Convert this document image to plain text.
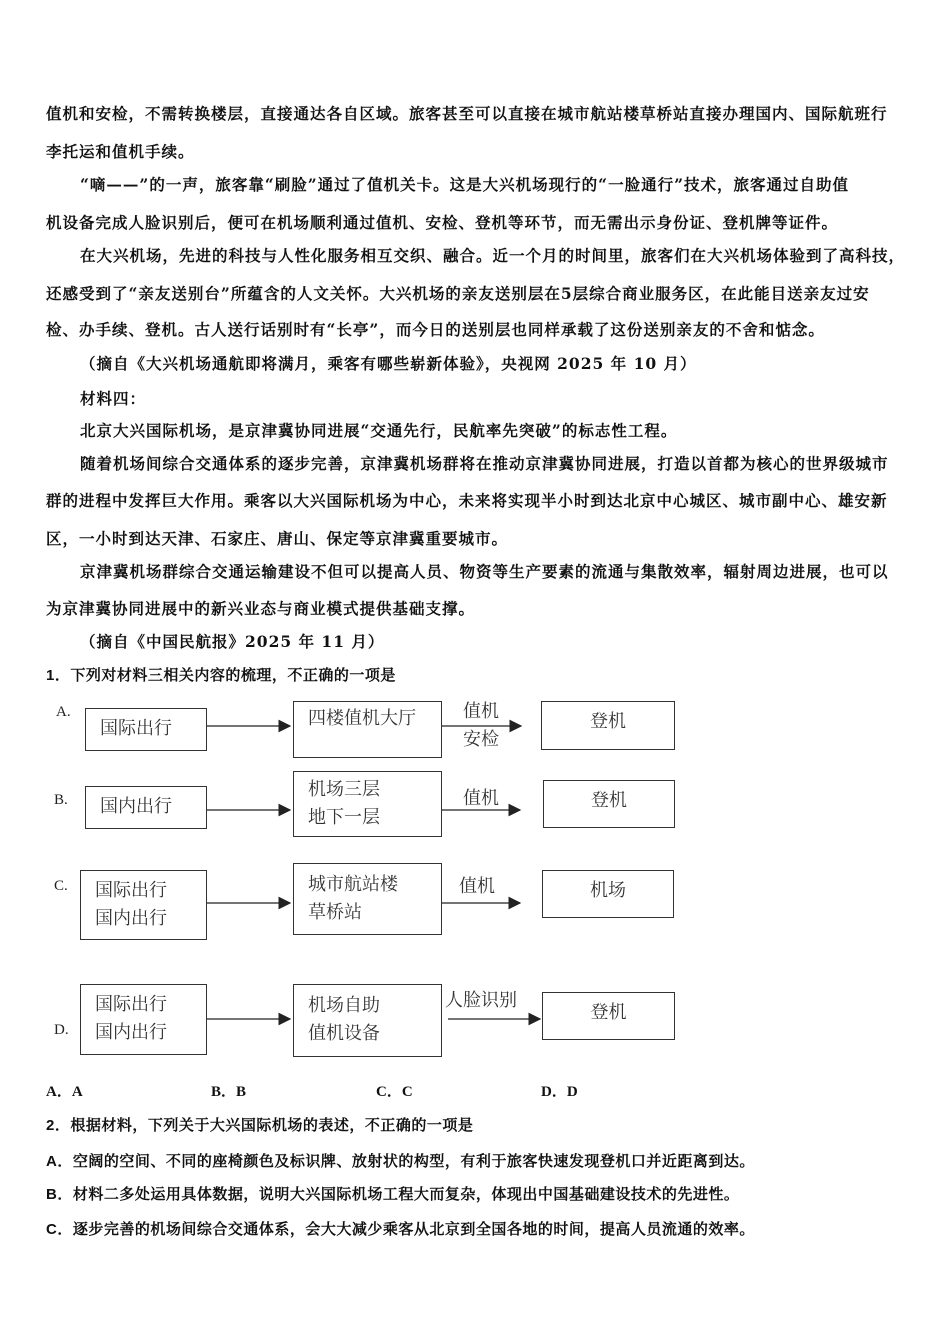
值机和安检，不需转换楼层，直接通达各自区域。旅客甚至可以直接在城市航站楼草桥站直接办理国内、国际航班行
李托运和值机手续。
“嘀——”的一声，旅客靠“刷脸”通过了值机关卡。这是大兴机场现行的“一脸通行”技术，旅客通过自助值
机设备完成人脸识别后，便可在机场顺利通过值机、安检、登机等环节，而无需出示身份证、登机牌等证件。
在大兴机场，先进的科技与人性化服务相互交织、融合。近一个月的时间里，旅客们在大兴机场体验到了高科技，
还感受到了“亲友送别台”所蕴含的人文关怀。大兴机场的亲友送别层在5层综合商业服务区，在此能目送亲友过安
检、办手续、登机。古人送行话别时有“长亭”，而今日的送别层也同样承载了这份送别亲友的不舍和惦念。
（摘自《大兴机场通航即将满月，乘客有哪些崭新体验》，央视网 2025 年 10 月）
材料四：
北京大兴国际机场，是京津冀协同进展“交通先行，民航率先突破”的标志性工程。
随着机场间综合交通体系的逐步完善，京津冀机场群将在推动京津冀协同进展，打造以首都为核心的世界级城市
群的进程中发挥巨大作用。乘客以大兴国际机场为中心，未来将实现半小时到达北京中心城区、城市副中心、雄安新
区，一小时到达天津、石家庄、唐山、保定等京津冀重要城市。
京津冀机场群综合交通运输建设不但可以提高人员、物资等生产要素的流通与集散效率，辐射周边进展，也可以
为京津冀协同进展中的新兴业态与商业模式提供基础支撑。
（摘自《中国民航报》2025 年 11 月）
1．下列对材料三相关内容的梳理，不正确的一项是
A.
国际出行	四楼值机大厅	值机
安检
登机
B. 国内出行
机场三层
地下一层
值机	登机
C. 国际出行
国内出行
城市航站楼
草桥站
值机	机场
D.
国际出行
国内出行
机场自助
值机设备
人脸识别
登机
A．A	B．B	C．C	D．D
2．根据材料，下列关于大兴国际机场的表述，不正确的一项是
A．空阔的空间、不同的座椅颜色及标识牌、放射状的构型，有利于旅客快速发现登机口并近距离到达。
B．材料二多处运用具体数据，说明大兴国际机场工程大而复杂，体现出中国基础建设技术的先进性。
C．逐步完善的机场间综合交通体系，会大大减少乘客从北京到全国各地的时间，提高人员流通的效率。
